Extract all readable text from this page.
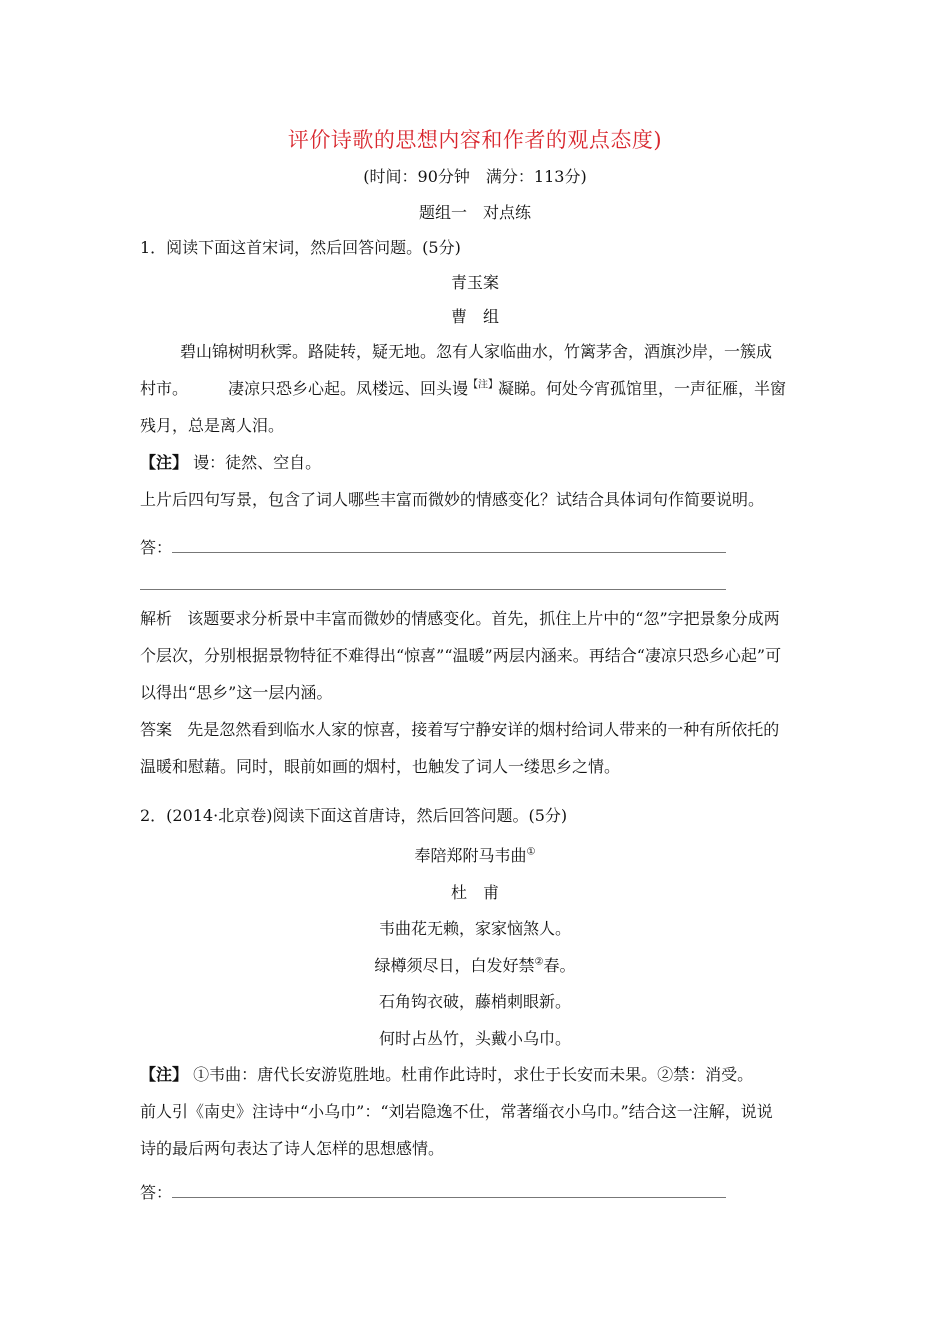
评价诗歌的思想内容和作者的观点态度)
(时间：90分钟　满分：113分)
题组一　对点练
1．阅读下面这首宋词，然后回答问题。(5分)
青玉案
曹　组

碧山锦树明秋霁。路陡转，疑无地。忽有人家临曲水，竹篱茅舍，酒旗沙岸，一簇成

村市。	凄凉只恐乡心起。凤楼远、回头谩$^{【注】}$凝睇。何处今宵孤馆里，一声征雁，半窗

残月，总是离人泪。

【注】 谩：徒然、空自。

上片后四句写景，包含了词人哪些丰富而微妙的情感变化？试结合具体词句作简要说明。

答：

解析 该题要求分析景中丰富而微妙的情感变化。首先，抓住上片中的“忽”字把景象分成两

个层次，分别根据景物特征不难得出“惊喜”“温暖”两层内涵来。再结合“凄凉只恐乡心起”可

以得出“思乡”这一层内涵。

答案 先是忽然看到临水人家的惊喜，接着写宁静安详的烟村给词人带来的一种有所依托的

温暖和慰藉。同时，眼前如画的烟村，也触发了词人一缕思乡之情。

2．(2014·北京卷)阅读下面这首唐诗，然后回答问题。(5分)
奉陪郑附马韦曲①
杜　甫
韦曲花无赖，家家恼煞人。
绿樽须尽日，白发好禁②春。
石角钩衣破，藤梢刺眼新。
何时占丛竹，头戴小乌巾。

【注】 ①韦曲：唐代长安游览胜地。杜甫作此诗时，求仕于长安而未果。②禁：消受。

前人引《南史》注诗中“小乌巾”：“刘岩隐逸不仕，常著缁衣小乌巾。”结合这一注解，说说

诗的最后两句表达了诗人怎样的思想感情。

答：
